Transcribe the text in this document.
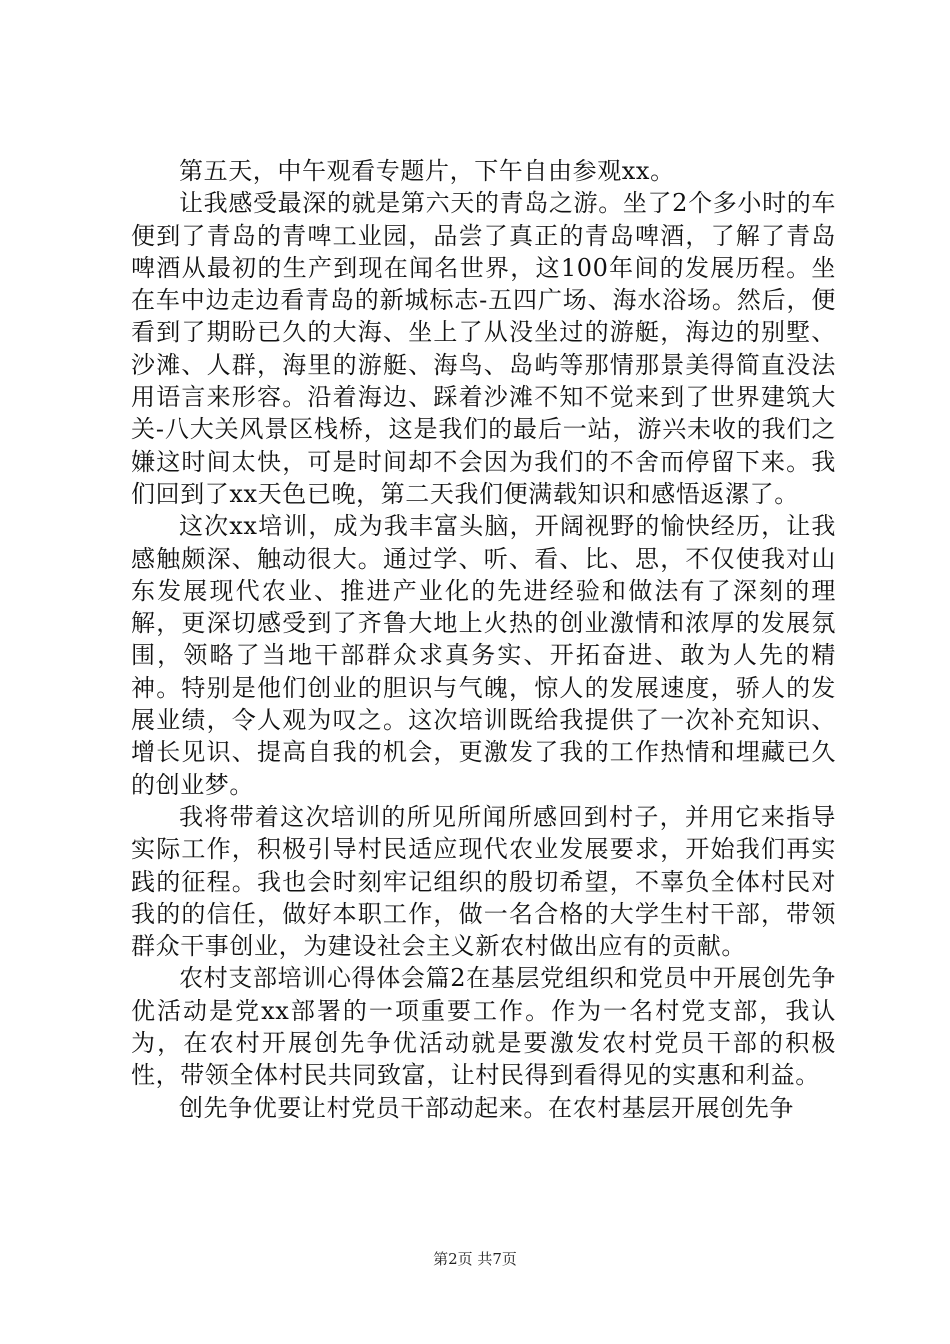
第五天，中午观看专题片，下午自由参观xx。

让我感受最深的就是第六天的青岛之游。坐了2个多小时的车便到了青岛的青啤工业园，品尝了真正的青岛啤酒，了解了青岛啤酒从最初的生产到现在闻名世界，这100年间的发展历程。坐在车中边走边看青岛的新城标志-五四广场、海水浴场。然后，便看到了期盼已久的大海、坐上了从没坐过的游艇，海边的别墅、沙滩、人群，海里的游艇、海鸟、岛屿等那情那景美得简直没法用语言来形容。沿着海边、踩着沙滩不知不觉来到了世界建筑大关-八大关风景区栈桥，这是我们的最后一站，游兴未收的我们之嫌这时间太快，可是时间却不会因为我们的不舍而停留下来。我们回到了xx天色已晚，第二天我们便满载知识和感悟返漯了。

这次xx培训，成为我丰富头脑，开阔视野的愉快经历，让我感触颇深、触动很大。通过学、听、看、比、思，不仅使我对山东发展现代农业、推进产业化的先进经验和做法有了深刻的理解，更深切感受到了齐鲁大地上火热的创业激情和浓厚的发展氛围，领略了当地干部群众求真务实、开拓奋进、敢为人先的精神。特别是他们创业的胆识与气魄，惊人的发展速度，骄人的发展业绩，令人观为叹之。这次培训既给我提供了一次补充知识、增长见识、提高自我的机会，更激发了我的工作热情和埋藏已久的创业梦。

我将带着这次培训的所见所闻所感回到村子，并用它来指导实际工作，积极引导村民适应现代农业发展要求，开始我们再实践的征程。我也会时刻牢记组织的殷切希望，不辜负全体村民对我的的信任，做好本职工作，做一名合格的大学生村干部，带领群众干事创业，为建设社会主义新农村做出应有的贡献。

农村支部培训心得体会篇2在基层党组织和党员中开展创先争优活动是党xx部署的一项重要工作。作为一名村党支部，我认为，在农村开展创先争优活动就是要激发农村党员干部的积极性，带领全体村民共同致富，让村民得到看得见的实惠和利益。

创先争优要让村党员干部动起来。在农村基层开展创先争

第2页 共7页
